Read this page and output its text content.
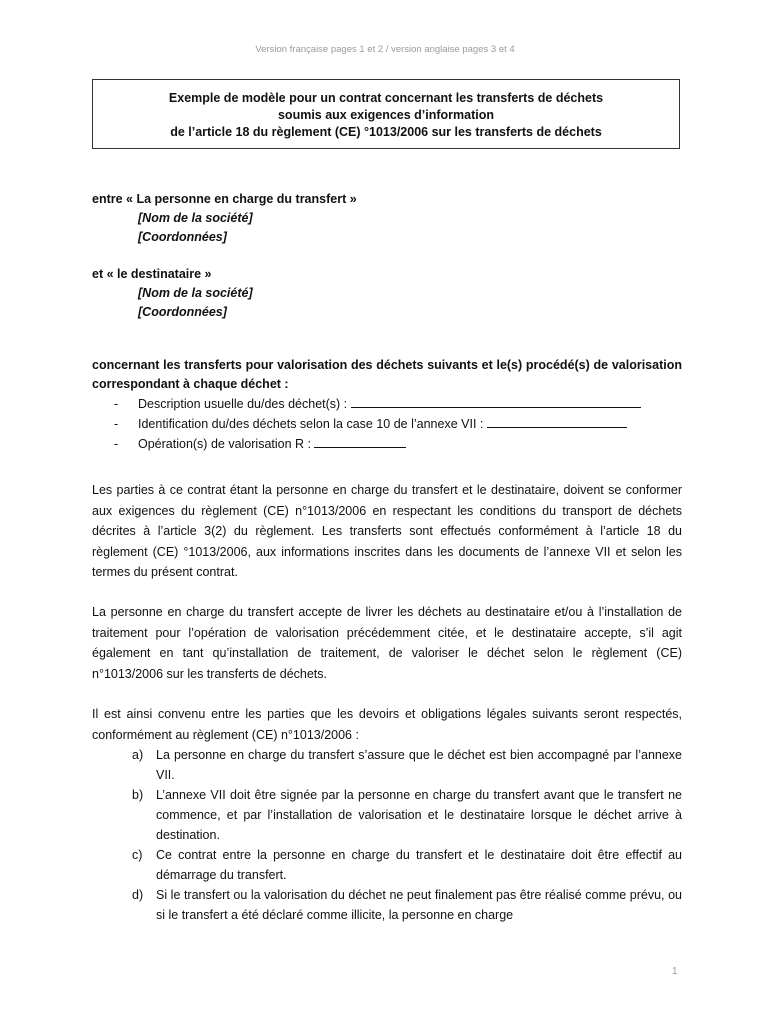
Version française pages 1 et 2 / version anglaise pages 3 et 4
Exemple de modèle pour un contrat concernant les transferts de déchets
soumis aux exigences d’information
de l’article 18 du règlement (CE) °1013/2006 sur les transferts de déchets
entre « La personne en charge du transfert »
[Nom de la société]
[Coordonnées]
et « le destinataire »
[Nom de la société]
[Coordonnées]
concernant les transferts pour valorisation des déchets suivants et le(s) procédé(s) de valorisation correspondant à chaque déchet :
- Description usuelle du/des déchet(s) :
- Identification du/des déchets selon la case 10 de l’annexe VII :
- Opération(s) de valorisation R :
Les parties à ce contrat étant la personne en charge du transfert et le destinataire, doivent se conformer aux exigences du règlement (CE) n°1013/2006 en respectant les conditions du transport de déchets décrites à l’article 3(2) du règlement. Les transferts sont effectués conformément à l’article 18 du règlement (CE) °1013/2006, aux informations inscrites dans les documents de l’annexe VII et selon les termes du présent contrat.
La personne en charge du transfert accepte de livrer les déchets au destinataire et/ou à l’installation de traitement pour l’opération de valorisation précédemment citée, et le destinataire accepte, s’il agit également en tant qu’installation de traitement, de valoriser le déchet selon le règlement (CE) n°1013/2006 sur les transferts de déchets.
Il est ainsi convenu entre les parties que les devoirs et obligations légales suivants seront respectés, conformément au règlement (CE) n°1013/2006 :
a) La personne en charge du transfert s’assure que le déchet est bien accompagné par l’annexe VII.
b) L’annexe VII doit être signée par la personne en charge du transfert avant que le transfert ne commence, et par l’installation de valorisation et le destinataire lorsque le déchet arrive à destination.
c) Ce contrat entre la personne en charge du transfert et le destinataire doit être effectif au démarrage du transfert.
d) Si le transfert ou la valorisation du déchet ne peut finalement pas être réalisé comme prévu, ou si le transfert a été déclaré comme illicite, la personne en charge
1
